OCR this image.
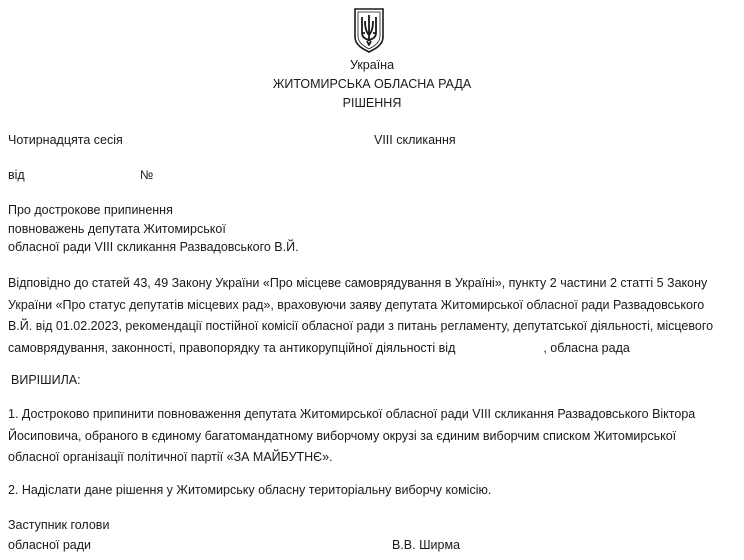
Україна
ЖИТОМИРСЬКА ОБЛАСНА РАДА
РІШЕННЯ
Чотирнадцята сесія	VIII скликання
від	№
Про дострокове припинення
повноважень депутата Житомирської
обласної ради VIII скликання Развадовського В.Й.
Відповідно до статей 43, 49 Закону України «Про місцеве самоврядування в Україні», пункту 2 частини 2 статті 5 Закону
України «Про статус депутатів місцевих рад», враховуючи заяву депутата Житомирської обласної ради Развадовського
В.Й. від 01.02.2023, рекомендації постійної комісії обласної ради з питань регламенту, депутатської діяльності, місцевого
самоврядування, законності, правопорядку та антикорупційної діяльності від	, обласна рада
ВИРІШИЛА:
1. Достроково припинити повноваження депутата Житомирської обласної ради VIII скликання Развадовського Віктора
Йосиповича, обраного в єдиному багатомандатному виборчому окрузі за єдиним виборчим списком Житомирської
обласної організації політичної партії «ЗА МАЙБУТНЄ».
2. Надіслати дане рішення у Житомирську обласну територіальну виборчу комісію.
Заступник голови
обласної ради	В.В. Ширма
